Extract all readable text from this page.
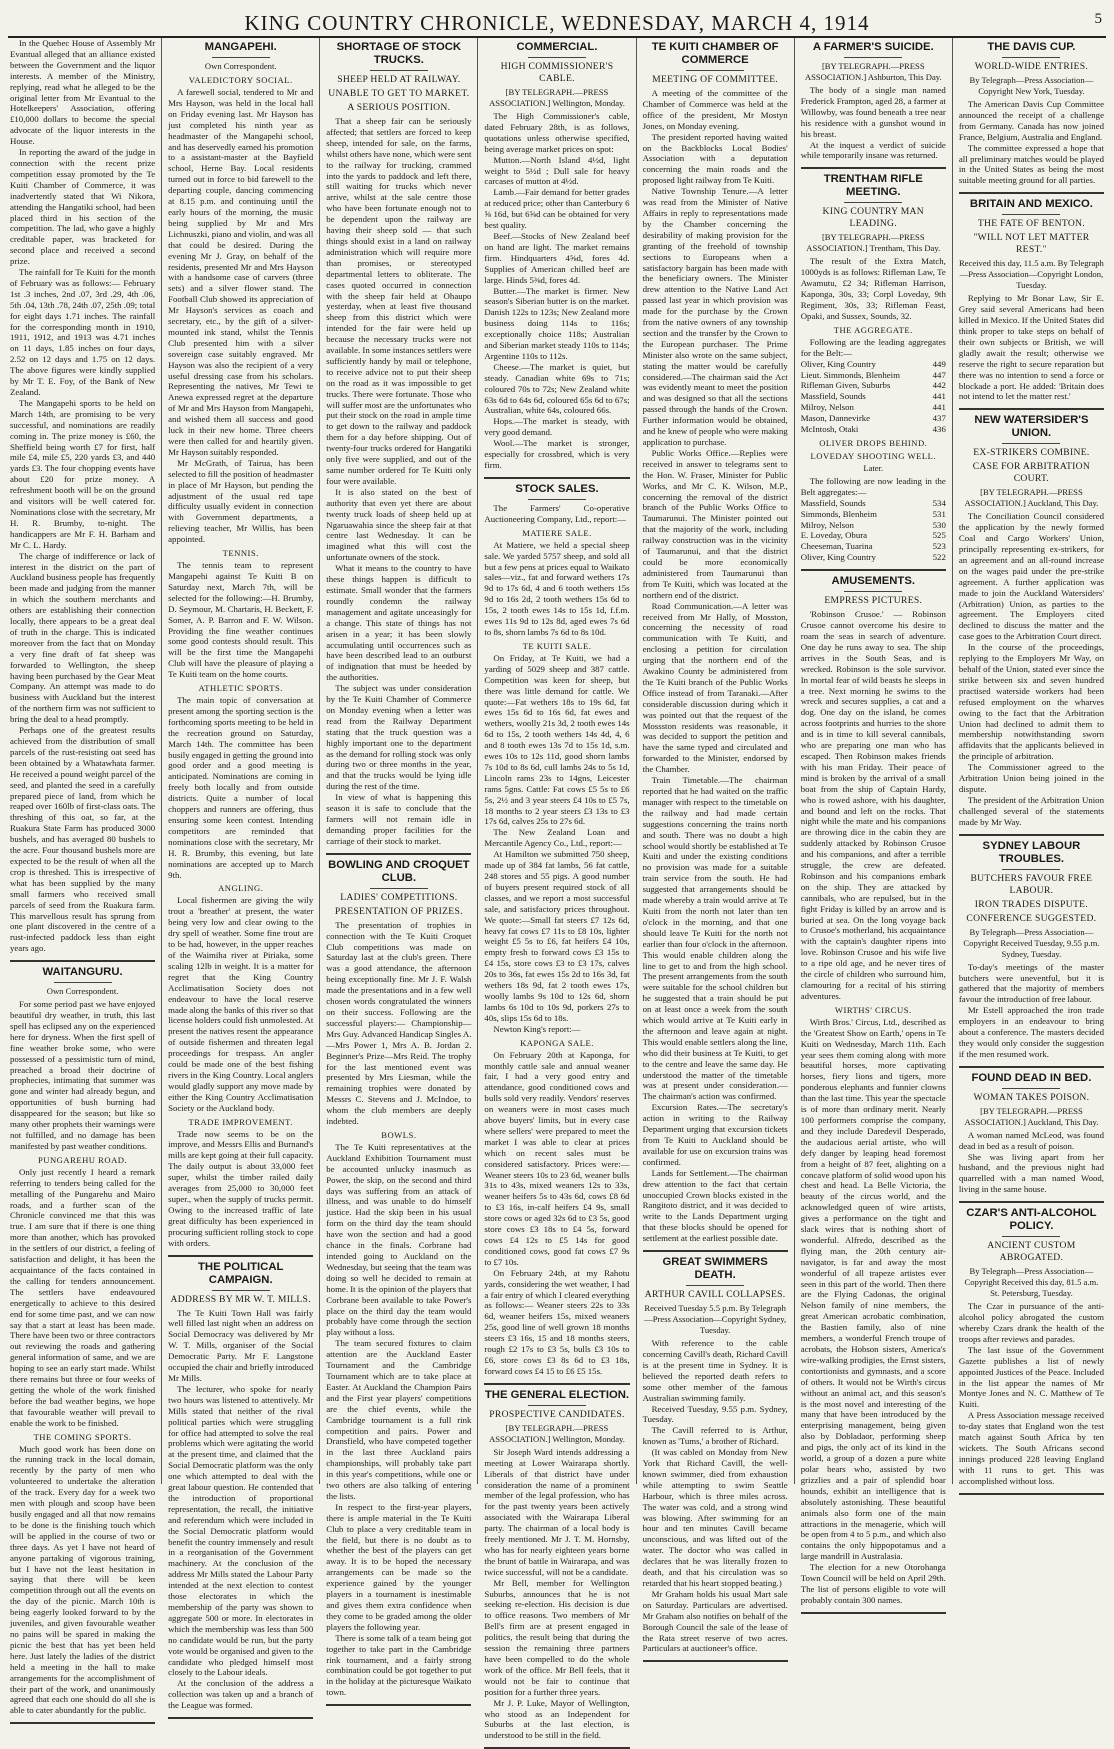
KING COUNTRY CHRONICLE, WEDNESDAY, MARCH 4, 1914	5

In the Quebec House of Assembly Mr Evantual alleged that an alliance existed between the Government and the liquor interests. A member of the Ministry, replying, read what he alleged to be the original letter from Mr Evantual to the Hotelkeepers' Association, offering £10,000 dollars to become the special advocate of the liquor interests in the House.

In reporting the award of the judge in connection with the recent prize competition essay promoted by the Te Kuiti Chamber of Commerce, it was inadvertently stated that Wi Nikora, attending the Hangatiki school, had been placed third in his section of the competition. The lad, who gave a highly creditable paper, was bracketed for second place and received a second prize.

The rainfall for Te Kuiti for the month of February was as follows:— February 1st .3 inches, 2nd .07, 3rd .29, 4th .06, 5th .04, 13th .78, 24th .07, 25th .09; total for eight days 1.71 inches. The rainfall for the corresponding month in 1910, 1911, 1912, and 1913 was 4.71 inches on 11 days, 1.85 inches on four days, 2.52 on 12 days and 1.75 on 12 days. The above figures were kindly supplied by Mr T. E. Foy, of the Bank of New Zealand.

The Mangapehi sports to be held on March 14th, are promising to be very successful, and nominations are readily coming in. The prize money is £60, the Sheffield being worth £7 for first, half mile £4, mile £5, 220 yards £3, and 440 yards £3. The four chopping events have about £20 for prize money. A refreshment booth will be on the ground and visitors will be well catered for. Nominations close with the secretary, Mr H. R. Brumby, to-night. The handicappers are Mr F. H. Barham and Mr C. L. Hardy.

The charge of indifference or lack of interest in the district on the part of Auckland business people has frequently been made and judging from the manner in which the southern merchants and others are establishing their connection locally, there appears to be a great deal of truth in the charge. This is indicated moreover from the fact that on Monday a very fine draft of fat sheep was forwarded to Wellington, the sheep having been purchased by the Gear Meat Company. An attempt was made to do business with Auckland but the interest of the northern firm was not sufficient to bring the deal to a head promptly.

Perhaps one of the greatest results achieved from the distribution of small parcels of the rust-resisting oat seed has been obtained by a Whatawhata farmer. He received a pound weight parcel of the seed, and planted the seed in a carefully prepared piece of land, from which he reaped over 160lb of first-class oats. The threshing of this oat, so far, at the Ruakura State Farm has produced 3000 bushels, and has averaged 80 bushels to the acre. Four thousand bushels more are expected to be the result of when all the crop is threshed. This is irrespective of what has been supplied by the many small farmers who received small parcels of seed from the Ruakura farm. This marvellous result has sprung from one plant discovered in the centre of a rust-infected paddock less than eight years ago.

WAITANGURU.
Own Correspondent.

For some period past we have enjoyed beautiful dry weather, in truth, this last spell has eclipsed any on the experienced here for dryness. When the first spell of fine weather broke some, who were possessed of a pessimistic turn of mind, preached a broad their doctrine of prophecies, intimating that summer was gone and winter had already begun, and opportunities of bush burning had disappeared for the season; but like so many other prophets their warnings were not fulfilled, and no damage has been manifested by past weather conditions.

PUNGAREHU ROAD.

Only just recently I heard a remark referring to tenders being called for the metalling of the Pungarehu and Mairo roads, and a further scan of the Chronicle convinced me that this was true. I am sure that if there is one thing more than another, which has provoked in the settlers of our district, a feeling of satisfaction and delight, it has been the acquaintance of the facts contained in the calling for tenders announcement. The settlers have endeavoured energetically to achieve to this desired end for some time past, and we can now say that a start at least has been made. There have been two or three contractors out reviewing the roads and gathering general information of same, and we are hoping to see an early start made. Whilst there remains but three or four weeks of getting the whole of the work finished before the bad weather begins, we hope that favourable weather will prevail to enable the work to be finished.

THE COMING SPORTS.

Much good work has been done on the running track in the local domain, recently by the party of men who volunteered to undertake the alteration of the track. Every day for a week two men with plough and scoop have been busily engaged and all that now remains to be done is the finishing touch which will be applied in the course of two or three days. As yet I have not heard of anyone partaking of vigorous training, but I have not the least hesitation in saying that there will be keen competition through out all the events on the day of the picnic. March 10th is being eagerly looked forward to by the juveniles, and given favourable weather no pains will be spared in making the picnic the best that has yet been held here. Just lately the ladies of the district held a meeting in the hall to make arrangements for the accomplishment of their part of the work, and unanimously agreed that each one should do all she is able to cater abundantly for the public.

MANGAPEHI.
Own Correspondent.
VALEDICTORY SOCIAL.

A farewell social, tendered to Mr and Mrs Hayson, was held in the local hall on Friday evening last. Mr Hayson has just completed his ninth year as headmaster of the Mangapehi school, and has deservedly earned his promotion to a assistant-master at the Bayfield school, Herne Bay. Local residents turned out in force to bid farewell to the departing couple, dancing commencing at 8.15 p.m. and continuing until the early hours of the morning, the music being supplied by Mr and Mrs Lichnuszki, piano and violin, and was all that could be desired. During the evening Mr J. Gray, on behalf of the residents, presented Mr and Mrs Hayson with a handsome case of carvers (three sets) and a silver flower stand. The Football Club showed its appreciation of Mr Hayson's services as coach and secretary, etc., by the gift of a silver-mounted ink stand, whilst the Tennis Club presented him with a silver sovereign case suitably engraved. Mr Hayson was also the recipient of a very useful dressing case from his scholars. Representing the natives, Mr Tewi te Anewa expressed regret at the departure of Mr and Mrs Hayson from Mangapehi, and wished them all success and good luck in their new home. Three cheers were then called for and heartily given. Mr Hayson suitably responded.

Mr McGrath, of Tairua, has been selected to fill the position of headmaster in place of Mr Hayson, but pending the adjustment of the usual red tape difficulty usually evident in connection with Government departments, a relieving teacher, Mr Willis, has been appointed.

TENNIS.

The tennis team to represent Mangapehi against Te Kuiti B on Saturday next, March 7th, will be selected for the following:—H. Brumby, D. Seymour, M. Chartaris, H. Beckett, F. Somer, A. P. Barron and F. W. Wilson. Providing the fine weather continues some good contests should result. This will be the first time the Mangapehi Club will have the pleasure of playing a Te Kuiti team on the home courts.

ATHLETIC SPORTS.

The main topic of conversation at present among the sporting section is the forthcoming sports meeting to be held in the recreation ground on Saturday, March 14th. The committee has been busily engaged in getting the ground into good order and a good meeting is anticipated. Nominations are coming in freely both locally and from outside districts. Quite a number of local choppers and runners are offering, thus ensuring some keen contest. Intending competitors are reminded that nominations close with the secretary, Mr H. R. Brumby, this evening, but late nominations are accepted up to March 9th.

ANGLING.

Local fishermen are giving the wily trout a 'breather' at present, the water being very low and clear owing to the dry spell of weather. Some fine trout are to be had, however, in the upper reaches of the Waimiha river at Piriaka, some scaling 12lb in weight. It is a matter for regret that the King Country Acclimatisation Society does not endeavour to have the local reserve made along the banks of this river so that license holders could fish unmolested. At present the natives resent the appearance of outside fishermen and threaten legal proceedings for trespass. An angler could be made one of the best fishing rivers in the King Country. Local anglers would gladly support any move made by either the King Country Acclimatisation Society or the Auckland body.

TRADE IMPROVEMENT.

Trade now seems to be on the improve, and Messrs Ellis and Burnand's mills are kept going at their full capacity. The daily output is about 33,000 feet super, whilst the timber railed daily averages from 25,000 to 30,000 feet super., when the supply of trucks permit. Owing to the increased traffic of late great difficulty has been experienced in procuring sufficient rolling stock to cope with orders.

THE POLITICAL CAMPAIGN.
ADDRESS BY MR W. T. MILLS.

The Te Kuiti Town Hall was fairly well filled last night when an address on Social Democracy was delivered by Mr W. T. Mills, organiser of the Social Democratic Party. Mr F. Langstone occupied the chair and briefly introduced Mr Mills.

The lecturer, who spoke for nearly two hours was listened to attentively. Mr Mills stated that neither of the rival political parties which were struggling for office had attempted to solve the real problems which were agitating the world at the present time, and claimed that the Social Democratic platform was the only one which attempted to deal with the great labour question. He contended that the introduction of proportional representation, the recall, the initiative and referendum which were included in the Social Democratic platform would benefit the country immensely and result in a reorganisation of the Government machinery. At the conclusion of the address Mr Mills stated the Labour Party intended at the next election to contest those electorates in which the membership of the party was shown to aggregate 500 or more. In electorates in which the membership was less than 500 no candidate would be run, but the party vote would be organised and given to the candidate who pledged himself most closely to the Labour ideals.

At the conclusion of the address a collection was taken up and a branch of the League was formed.

SHORTAGE OF STOCK TRUCKS.
SHEEP HELD AT RAILWAY.
UNABLE TO GET TO MARKET.
A SERIOUS POSITION.

That a sheep fair can be seriously affected; that settlers are forced to keep sheep, intended for sale, on the farms, whilst others have none, which were sent to the railway for trucking, crammed into the yards to paddock and left there, still waiting for trucks which never arrive, whilst at the sale centre those who have been fortunate enough not to be dependent upon the railway are having their sheep sold — that such things should exist in a land on railway administration which will require more than promises, or stereotyped departmental letters to obliterate. The cases quoted occurred in connection with the sheep fair held at Ohaupo yesterday, when at least five thousand sheep from this district which were intended for the fair were held up because the necessary trucks were not available. In some instances settlers were sufficiently handy by mail or telephone, to receive advice not to put their sheep on the road as it was impossible to get trucks. There were fortunate. Those who will suffer most are the unfortunates who put their stock on the road in ample time to get down to the railway and paddock them for a day before shipping. Out of twenty-four trucks ordered for Hangatiki only five were supplied, and out of the same number ordered for Te Kuiti only four were available.

It is also stated on the best of authority that even yet there are about twenty truck loads of sheep held up at Ngaruawahia since the sheep fair at that centre last Wednesday. It can be imagined what this will cost the unfortunate owners of the stock.

What it means to the country to have these things happen is difficult to estimate. Small wonder that the farmers roundly condemn the railway management and agitate unceasingly for a change. This state of things has not arisen in a year; it has been slowly accumulating until occurrences such as have been described lead to an outburst of indignation that must be heeded by the authorities.

The subject was under consideration by the Te Kuiti Chamber of Commerce on Monday evening when a letter was read from the Railway Department stating that the truck question was a highly important one to the department as the demand for rolling stock was only during two or three months in the year, and that the trucks would be lying idle during the rest of the time.

In view of what is happening this season it is safe to conclude that the farmers will not remain idle in demanding proper facilities for the carriage of their stock to market.

BOWLING AND CROQUET CLUB.
LADIES' COMPETITIONS.
PRESENTATION OF PRIZES.

The presentation of trophies in connection with the Te Kuiti Croquet Club competitions was made on Saturday last at the club's green. There was a good attendance, the afternoon being exceptionally fine. Mr J. F. Walsh made the presentations and in a few well chosen words congratulated the winners on their success. Following are the successful players:— Championship—Mrs Guy. Advanced Handicap Singles A.—Mrs Power 1, Mrs A. B. Jordan 2. Beginner's Prize—Mrs Reid. The trophy for the last mentioned event was presented by Mrs Liesman, while the remaining trophies were donated by Messrs C. Stevens and J. McIndoe, to whom the club members are deeply indebted.

BOWLS.

The Te Kuiti representatives at the Auckland Exhibition Tournament must be accounted unlucky inasmuch as Power, the skip, on the second and third days was suffering from an attack of illness, and was unable to do himself justice. Had the skip been in his usual form on the third day the team should have won the section and had a good chance in the finals. Corbrane had intended going to Auckland on the Wednesday, but seeing that the team was doing so well he decided to remain at home. It is the opinion of the players that Corbrane been available to take Power's place on the third day the team would probably have come through the section play without a loss.

The team secured fixtures to claim attention are the Auckland Easter Tournament and the Cambridge Tournament which are to take place at Easter. At Auckland the Champion Pairs and the First year players' competitions are the chief events, while the Cambridge tournament is a full rink competition and pairs. Power and Dransfield, who have competed together in the last three Auckland pairs championships, will probably take part in this year's competitions, while one or two others are also talking of entering the lists.

In respect to the first-year players, there is ample material in the Te Kuiti Club to place a very creditable team in the field, but there is no doubt as to whether the best of the players can get away. It is to be hoped the necessary arrangements can be made so the experience gained by the younger players in a tournament is inestimable and gives them extra confidence when they come to be graded among the older players the following year.

There is some talk of a team being got together to take part in the Cambridge rink tournament, and a fairly strong combination could be got together to put in the holiday at the picturesque Waikato town.

COMMERCIAL.
HIGH COMMISSIONER'S CABLE.
[BY TELEGRAPH.—PRESS ASSOCIATION.] Wellington, Monday.

The High Commissioner's cable, dated February 28th, is as follows, quotations unless otherwise specified, being average market prices on spot:

Mutton.—North Island 4½d, light weight to 5½d ; Dull sale for heavy carcases of mutton at 4½d.

Lamb.—Fair demand for better grades at reduced price; other than Canterbury 6 ⅝ 16d, but 6⅝d can be obtained for very best quality.

Beef.—Stocks of New Zealand beef on hand are light. The market remains firm. Hindquarters 4⅝d, fores 4d. Supplies of American chilled beef are large. Hinds 5⅜d, fores 4d.

Butter.—The market is firmer. New season's Siberian butter is on the market. Danish 122s to 123s; New Zealand more business doing 114s to 116s; exceptionally choice 118s; Australian and Siberian market steady 110s to 114s; Argentine 110s to 112s.

Cheese.—The market is quiet, but steady. Canadian white 69s to 71s; coloured 70s to 72s; New Zealand white 63s 6d to 64s 6d, coloured 65s 6d to 67s; Australian, white 64s, coloured 66s.

Hops.—The market is steady, with very good demand.

Wool.—The market is stronger, especially for crossbred, which is very firm.

STOCK SALES.

The Farmers' Co-operative Auctioneering Company, Ltd., report:—

MATIERE SALE.

At Matiere, we held a special sheep sale. We yarded 5757 sheep, and sold all but a few pens at prices equal to Waikato sales—viz., fat and forward wethers 17s 9d to 17s 6d, 4 and 6 tooth wethers 15s 9d to 16s 2d, 2 tooth wethers 15s 6d to 15s, 2 tooth ewes 14s to 15s 1d, f.f.m. ewes 11s 9d to 12s 8d, aged ewes 7s 6d to 8s, shorn lambs 7s 6d to 8s 10d.

TE KUITI SALE.

On Friday, at Te Kuiti, we had a yarding of 5029 sheep and 387 cattle. Competition was keen for sheep, but there was little demand for cattle. We quote:—Fat wethers 18s to 19s 6d, fat ewes 15s 6d to 16s 6d, fat ewes and wethers, woolly 21s 3d, 2 tooth ewes 14s 6d to 15s, 2 tooth wethers 14s 4d, 4, 6 and 8 tooth ewes 13s 7d to 15s 1d, s.m. ewes 10s to 12s 11d, good shorn lambs 7s 10d to 8s 6d, cull lambs 24s to 5s 1d, Lincoln rams 23s to 14gns, Leicester rams 5gns. Cattle: Fat cows £5 5s to £6 5s, 2½ and 3 year steers £4 10s to £5 7s, 18 months to 2 year steers £3 13s to £3 17s 6d, calves 25s to 27s 6d.

The New Zealand Loan and Mercantile Agency Co., Ltd., report:—

At Hamilton we submitted 750 sheep, made up of 384 fat lambs, 56 fat cattle, 248 stores and 55 pigs. A good number of buyers present required stock of all classes, and we report a most successful sale, and satisfactory prices throughout. We quote:—Small fat steers £7 12s 6d, heavy fat cows £7 11s to £8 10s, lighter weight £5 5s to £6, fat heifers £4 10s, empty fresh to forward cows £3 15s to £4 15s, store cows £3 to £3 17s, calves 20s to 36s, fat ewes 15s 2d to 16s 3d, fat wethers 18s 9d, fat 2 tooth ewes 17s, woolly lambs 9s 10d to 12s 6d, shorn lambs 6s 10d to 10s 9d, porkers 27s to 40s, slips 15s 6d to 18s.

Newton King's report:—

KAPONGA SALE.

On February 20th at Kaponga, for monthly cattle sale and annual weaner fair, I had a very good entry and attendance, good conditioned cows and bulls sold very readily. Vendors' reserves on weaners were in most cases much above buyers' limits, but in every case where sellers' were prepared to meet the market I was able to clear at prices which on recent sales must be considered satisfactory. Prices were:— Weaner steers 10s to 23 6d, weaner bulls 31s to 43s, mixed weaners 12s to 33s, weaner heifers 5s to 43s 6d, cows £8 6d to £3 16s, in-calf heifers £4 9s, small store cows or aged 32s 6d to £3 5s, good store cows £3 18s to £4 5s, forward cows £4 12s to £5 14s for good conditioned cows, good fat cows £7 9s to £7 10s.

On February 24th, at my Rahotu yards, considering the wet weather, I had a fair entry of which I cleared everything as follows:— Weaner steers 22s to 33s 6d, weaner heifers 15s, mixed weaners 25s, good line of well grown 18 months steers £3 16s, 15 and 18 months steers, rough £2 17s to £3 5s, bulls £3 10s to £6, store cows £3 8s 6d to £3 18s, forward cows £4 15 to £6 £5 15s.

THE GENERAL ELECTION.
PROSPECTIVE CANDIDATES.
[BY TELEGRAPH.—PRESS ASSOCIATION.] Wellington, Monday.

Sir Joseph Ward intends addressing a meeting at Lower Wairarapa shortly. Liberals of that district have under consideration the name of a prominent member of the legal profession, who has for the past twenty years been actively associated with the Wairarapa Liberal party. The chairman of a local body is freely mentioned. Mr J. T. M. Hornsby, who has for nearly eighteen years borne the brunt of battle in Wairarapa, and was twice successful, will not be a candidate.

Mr Bell, member for Wellington Suburbs, announces that he is not seeking re-election. His decision is due to office reasons. Two members of Mr Bell's firm are at present engaged in politics, the result being that during the session the remaining three partners have been compelled to do the whole work of the office. Mr Bell feels, that it would not be fair to continue that position for a further three years.

Mr J. P. Luke, Mayor of Wellington, who stood as an Independent for Suburbs at the last election, is understood to be still in the field.

TE KUITI CHAMBER OF COMMERCE
MEETING OF COMMITTEE.

A meeting of the committee of the Chamber of Commerce was held at the office of the president, Mr Mostyn Jones, on Monday evening.

The president reported having waited on the Backblocks Local Bodies' Association with a deputation concerning the main roads and the proposed light railway from Te Kuiti.

Native Township Tenure.—A letter was read from the Minister of Native Affairs in reply to representations made by the Chamber concerning the desirability of making provision for the granting of the freehold of township sections to Europeans when a satisfactory bargain has been made with the beneficiary owners. The Minister drew attention to the Native Land Act passed last year in which provision was made for the purchase by the Crown from the native owners of any township section and the transfer by the Crown to the European purchaser. The Prime Minister also wrote on the same subject, stating the matter would be carefully considered.—The chairman said the Act was evidently meant to meet the position and was designed so that all the sections passed through the hands of the Crown. Further information would be obtained, and he knew of people who were making application to purchase.

Public Works Office.—Replies were received in answer to telegrams sent to the Hon. W. Fraser, Minister for Public Works, and Mr C. K. Wilson, M.P., concerning the removal of the district branch of the Public Works Office to Taumarunui. The Minister pointed out that the majority of the work, including railway construction was in the vicinity of Taumarunui, and that the district could be more economically administered from Taumarunui than from Te Kuiti, which was located at the northern end of the district.

Road Communication.—A letter was received from Mr Hally, of Mosston, concerning the necessity of road communication with Te Kuiti, and enclosing a petition for circulation urging that the northern end of the Awakino County be administered from the Te Kuiti branch of the Public Works Office instead of from Taranaki.—After considerable discussion during which it was pointed out that the request of the Mossston residents was reasonable, it was decided to support the petition and have the same typed and circulated and forwarded to the Minister, endorsed by the Chamber.

Train Timetable.—The chairman reported that he had waited on the traffic manager with respect to the timetable on the railway and had made certain suggestions concerning the trains north and south. There was no doubt a high school would shortly be established at Te Kuiti and under the existing conditions no provision was made for a suitable train service from the south. He had suggested that arrangements should be made whereby a train would arrive at Te Kuiti from the north not later than ten o'clock in the morning, and that one should leave Te Kuiti for the north not earlier than four o'clock in the afternoon. This would enable children along the line to get to and from the high school. The present arrangements from the south were suitable for the school children but he suggested that a train should be put on at least once a week from the south which would arrive at Te Kuiti early in the afternoon and leave again at night. This would enable settlers along the line, who did their business at Te Kuiti, to get to the centre and leave the same day. He understood the matter of the timetable was at present under consideration.—The chairman's action was confirmed.

Excursion Rates.—The secretary's action in writing to the Railway Department urging that excursion tickets from Te Kuiti to Auckland should be available for use on excursion trains was confirmed.

Lands for Settlement.—The chairman drew attention to the fact that certain unoccupied Crown blocks existed in the Rangitoto district, and it was decided to write to the Lands Department urging that these blocks should be opened for settlement at the earliest possible date.

GREAT SWIMMERS DEATH.
ARTHUR CAVILL COLLAPSES.
Received Tuesday 5.5 p.m. By Telegraph—Press Association—Copyright Sydney, Tuesday.

With reference to the cable concerning Cavill's death, Richard Cavill is at the present time in Sydney. It is believed the reported death refers to some other member of the famous Australian swimming family.

Received Tuesday, 9.55 p.m. Sydney, Tuesday.

The Cavill referred to is Arthur, known as 'Tums,' a brother of Richard.

(It was cabled on Monday from New York that Richard Cavill, the well-known swimmer, died from exhaustion while attempting to swim Seattle Harbour, which is three miles across. The water was cold, and a strong wind was blowing. After swimming for an hour and ten minutes Cavill became unconscious, and was lifted out of the water. The doctor who was called in declares that he was literally frozen to death, and that his circulation was so retarded that his heart stopped beating.)

Mr Graham holds his usual Mart sale on Saturday. Particulars are advertised. Mr Graham also notifies on behalf of the Borough Council the sale of the lease of the Rata street reserve of two acres. Particulars at auctioneer's office.

A FARMER'S SUICIDE.
[BY TELEGRAPH.—PRESS ASSOCIATION.] Ashburton, This Day.

The body of a single man named Frederick Frampton, aged 28, a farmer at Willowby, was found beneath a tree near his residence with a gunshot wound in his breast.

At the inquest a verdict of suicide while temporarily insane was returned.

TRENTHAM RIFLE MEETING.
KING COUNTRY MAN LEADING.
[BY TELEGRAPH.—PRESS ASSOCIATION.] Trentham, This Day.

The result of the Extra Match, 1000yds is as follows: Rifleman Law, Te Awamutu, £2 34; Rifleman Harrison, Kaponga, 30s, 33; Corpl Loveday, 9th Regiment, 30s, 33; Rifleman Feast, Opaki, and Sussex, Sounds, 32.

THE AGGREGATE.

Following are the leading aggregates for the Belt:—

Oliver, King Country	449
Lieut. Simmonds, Blenheim	447
Rifleman Given, Suburbs	442
Massfield, Sounds	441
Milroy, Nelson	441
Mason, Dannevirke	437
McIntosh, Otaki	436
OLIVER DROPS BEHIND.
LOVEDAY SHOOTING WELL.
Later.

The following are now leading in the Belt aggregates:—

Massfield, Sounds	534
Simmonds, Blenheim	531
Milroy, Nelson	530
E. Loveday, Obura	525
Cheeseman, Tuarina	523
Oliver, King Country	522
AMUSEMENTS.
EMPRESS PICTURES.

'Robinson Crusoe.' — Robinson Crusoe cannot overcome his desire to roam the seas in search of adventure. One day he runs away to sea. The ship arrives in the South Seas, and is wrecked. Robinson is the sole survivor. In mortal fear of wild beasts he sleeps in a tree. Next morning he swims to the wreck and secures supplies, a cat and a dog. One day on the island, he comes across footprints and hurries to the shore and is in time to kill several cannibals, who are preparing one man who has escaped. Then Robinson makes friends with his man Friday. Their peace of mind is broken by the arrival of a small boat from the ship of Captain Hardy, who is rowed ashore, with his daughter, and bound and left on the rocks. That night while the mate and his companions are throwing dice in the cabin they are suddenly attacked by Robinson Crusoe and his companions, and after a terrible struggle, the crew are defeated. Robinson and his companions embark on the ship. They are attacked by cannibals, who are repulsed, but in the fight Friday is killed by an arrow and is buried at sea. On the long voyage back to Crusoe's motherland, his acquaintance with the captain's daughter ripens into love. Robinson Crusoe and his wife live to a ripe old age, and he never tires of the circle of children who surround him, clamouring for a recital of his stirring adventures.

WIRTHS' CIRCUS.

Wirth Bros.' Circus, Ltd., described as the 'Greatest Show on Earth,' opens in Te Kuiti on Wednesday, March 11th. Each year sees them coming along with more beautiful horses, more captivating horses, fiery lions and tigers, more ponderous elephants and funnier clowns than the last time. This year the spectacle is of more than ordinary merit. Nearly 100 performers comprise the company, and they include Daredevil Desperado, the audacious aerial artiste, who will defy danger by leaping head foremost from a height of 87 feet, alighting on a concave platform of solid wood upon his chest and head. La Belle Victoria, the beauty of the circus world, and the acknowledged queen of wire artists, gives a performance on the tight and slack wires that is nothing short of wonderful. Alfredo, described as the flying man, the 20th century air-navigator, is far and away the most wonderful of all trapeze artistes ever seen in this part of the world. Then there are the Flying Cadonas, the original Nelson family of nine members, the great American acrobatic combination, the Bastien family, also of nine members, a wonderful French troupe of acrobats, the Hobson sisters, America's wire-walking prodigies, the Ernst sisters, contortionists and gymnasts, and a score of others. It would not be Wirth's circus without an animal act, and this season's is the most novel and interesting of the many that have been introduced by the enterprising management, being given also by Dobladaor, performing sheep and pigs, the only act of its kind in the world, a group of a dozen a pure white polar bears who, assisted by two grizzlies and a pair of splendid boar hounds, exhibit an intelligence that is absolutely astonishing. These beautiful animals also form one of the main attractions in the menagerie, which will be open from 4 to 5 p.m., and which also contains the only hippopotamus and a large mandrill in Australasia.

The election for a new Otorohanga Town Council will be held on April 29th. The list of persons eligible to vote will probably contain 300 names.

THE DAVIS CUP.
WORLD-WIDE ENTRIES.
By Telegraph—Press Association—Copyright New York, Tuesday.

The American Davis Cup Committee announced the receipt of a challenge from Germany. Canada has now joined France, Belgium, Australia and England.

The committee expressed a hope that all preliminary matches would be played in the United States as being the most suitable meeting ground for all parties.

BRITAIN AND MEXICO.
THE FATE OF BENTON.
"WILL NOT LET MATTER REST."
Received this day, 11.5 a.m. By Telegraph—Press Association—Copyright London, Tuesday.

Replying to Mr Bonar Law, Sir E. Grey said several Americans had been killed in Mexico. If the United States did think proper to take steps on behalf of their own subjects or British, we will gladly await the result; otherwise we reserve the right to secure reparation but there was no intention to send a force or blockade a port. He added: 'Britain does not intend to let the matter rest.'

NEW WATERSIDER'S UNION.
EX-STRIKERS COMBINE.
CASE FOR ARBITRATION COURT.
[BY TELEGRAPH.—PRESS ASSOCIATION.] Auckland, This Day.

The Conciliation Council considered the application by the newly formed Coal and Cargo Workers' Union, principally representing ex-strikers, for an agreement and an all-round increase on the wages paid under the pre-strike agreement. A further application was made to join the Auckland Watersiders' (Arbitration) Union, as parties to the agreement. The Employers cited declined to discuss the matter and the case goes to the Arbitration Court direct.

In the course of the proceedings, replying to the Employers Mr Way, on behalf of the Union, stated ever since the strike between six and seven hundred practised waterside workers had been refused employment on the wharves owing to the fact that the Arbitration Union had declined to admit them to membership notwithstanding sworn affidavits that the applicants believed in the principle of arbitration.

The Commissioner agreed to the Arbitration Union being joined in the dispute.

The president of the Arbitration Union challenged several of the statements made by Mr Way.

SYDNEY LABOUR TROUBLES.
BUTCHERS FAVOUR FREE LABOUR.
IRON TRADES DISPUTE.
CONFERENCE SUGGESTED.
By Telegraph—Press Association—Copyright Received Tuesday, 9.55 p.m. Sydney, Tuesday.

To-day's meetings of the master butchers were uneventful, but it is gathered that the majority of members favour the introduction of free labour.

Mr Estell approached the iron trade employers in an endeavour to bring about a conference. The masters decided they would only consider the suggestion if the men resumed work.

FOUND DEAD IN BED.
WOMAN TAKES POISON.
[BY TELEGRAPH.—PRESS ASSOCIATION.] Auckland, This Day.

A woman named McLeod, was found dead in bed as a result of poison.

She was living apart from her husband, and the previous night had quarrelled with a man named Wood, living in the same house.

CZAR'S ANTI-ALCOHOL POLICY.
ANCIENT CUSTOM ABROGATED.
By Telegraph—Press Association—Copyright Received this day, 81.5 a.m. St. Petersburg, Tuesday.

The Czar in pursuance of the anti-alcohol policy abrogated the custom whereby Czars drank the health of the troops after reviews and parades.

The last issue of the Government Gazette publishes a list of newly appointed Justices of the Peace. Included in the list appear the names of Mr Montye Jones and N. C. Matthew of Te Kuiti.

A Press Association message received to-day states that England won the test match against South Africa by ten wickets. The South Africans second innings produced 228 leaving England with 11 runs to get. This was accomplished without loss.
